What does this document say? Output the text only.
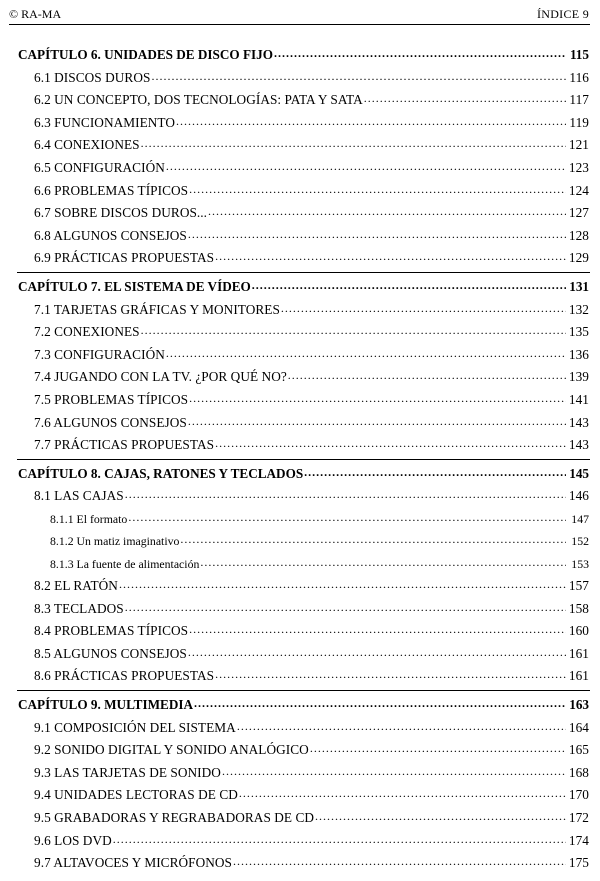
© RA-MA	ÍNDICE 9
CAPÍTULO 6. UNIDADES DE DISCO FIJO .....	115
6.1 DISCOS DUROS .....	116
6.2 UN CONCEPTO, DOS TECNOLOGÍAS: PATA Y SATA .....	117
6.3 FUNCIONAMIENTO .....	119
6.4 CONEXIONES .....	121
6.5 CONFIGURACIÓN .....	123
6.6 PROBLEMAS TÍPICOS .....	124
6.7 SOBRE DISCOS DUROS... .....	127
6.8 ALGUNOS CONSEJOS .....	128
6.9 PRÁCTICAS PROPUESTAS .....	129
CAPÍTULO 7. EL SISTEMA DE VÍDEO .....	131
7.1 TARJETAS GRÁFICAS Y MONITORES .....	132
7.2 CONEXIONES .....	135
7.3 CONFIGURACIÓN .....	136
7.4 JUGANDO CON LA TV. ¿POR QUÉ NO? .....	139
7.5 PROBLEMAS TÍPICOS .....	141
7.6 ALGUNOS CONSEJOS .....	143
7.7 PRÁCTICAS PROPUESTAS .....	143
CAPÍTULO 8. CAJAS, RATONES Y TECLADOS .....	145
8.1 LAS CAJAS .....	146
8.1.1 El formato .....	147
8.1.2 Un matiz imaginativo .....	152
8.1.3 La fuente de alimentación .....	153
8.2 EL RATÓN .....	157
8.3 TECLADOS .....	158
8.4 PROBLEMAS TÍPICOS .....	160
8.5 ALGUNOS CONSEJOS .....	161
8.6 PRÁCTICAS PROPUESTAS .....	161
CAPÍTULO 9. MULTIMEDIA .....	163
9.1 COMPOSICIÓN DEL SISTEMA .....	164
9.2 SONIDO DIGITAL Y SONIDO ANALÓGICO .....	165
9.3 LAS TARJETAS DE SONIDO .....	168
9.4 UNIDADES LECTORAS DE CD .....	170
9.5 GRABADORAS Y REGRABADORAS DE CD .....	172
9.6 LOS DVD .....	174
9.7 ALTAVOCES Y MICRÓFONOS .....	175
